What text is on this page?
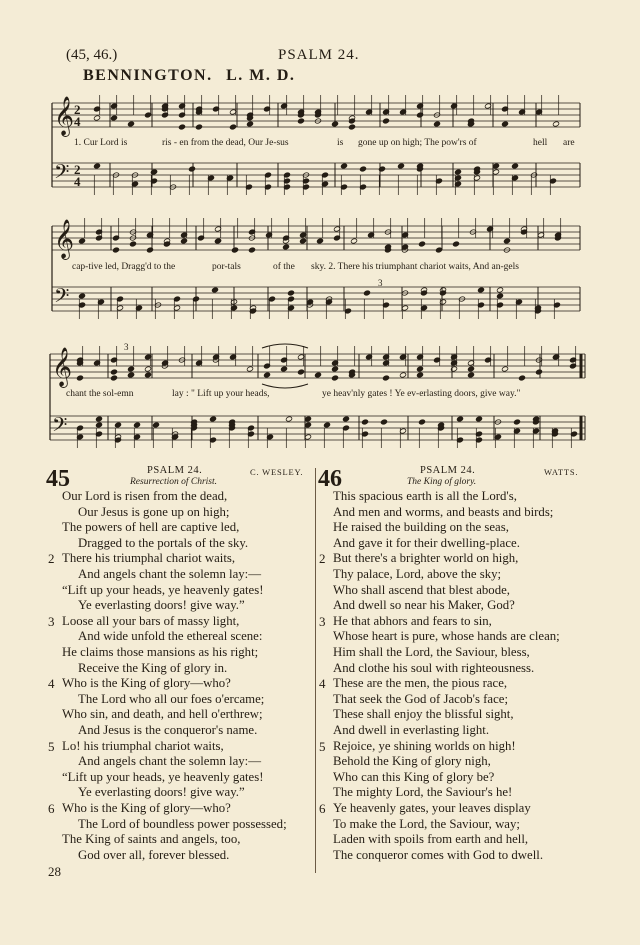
(45, 46.)	PSALM 24.
BENNINGTON. L. M. D.
𝄞
𝄢
2
4
2
4
𝄞
𝄢
3
𝄞
𝄢
3
1. Cur Lord is	ris - en from the dead, Our Je-sus	is gone up on high; The pow'rs of	hell are
cap-tive led, Dragg'd to the	por-tals	of the sky. 2. There his triumphant chariot waits, And an-gels
chant the sol-emn	lay : " Lift up your heads,	ye heav'nly gates ! Ye ev-erlasting doors, give way."
45	PSALM 24.	C. WESLEY.
Resurrection of Christ.
Our Lord is risen from the dead,
Our Jesus is gone up on high;
The powers of hell are captive led,
Dragged to the portals of the sky.
2 There his triumphal chariot waits,
And angels chant the solemn lay:—
“Lift up your heads, ye heavenly gates!
Ye everlasting doors! give way.”
3 Loose all your bars of massy light,
And wide unfold the ethereal scene:
He claims those mansions as his right;
Receive the King of glory in.
4 Who is the King of glory—who?
The Lord who all our foes o'ercame;
Who sin, and death, and hell o'erthrew;
And Jesus is the conqueror's name.
5 Lo! his triumphal chariot waits,
And angels chant the solemn lay:—
“Lift up your heads, ye heavenly gates!
Ye everlasting doors! give way.”
6 Who is the King of glory—who?
The Lord of boundless power possessed;
The King of saints and angels, too,
God over all, forever blessed.
46	PSALM 24.	WATTS.
The King of glory.
This spacious earth is all the Lord's,
And men and worms, and beasts and birds;
He raised the building on the seas,
And gave it for their dwelling-place.
2 But there's a brighter world on high,
Thy palace, Lord, above the sky;
Who shall ascend that blest abode,
And dwell so near his Maker, God?
3 He that abhors and fears to sin,
Whose heart is pure, whose hands are clean;
Him shall the Lord, the Saviour, bless,
And clothe his soul with righteousness.
4 These are the men, the pious race,
That seek the God of Jacob's face;
These shall enjoy the blissful sight,
And dwell in everlasting light.
5 Rejoice, ye shining worlds on high!
Behold the King of glory nigh,
Who can this King of glory be?
The mighty Lord, the Saviour's he!
6 Ye heavenly gates, your leaves display
To make the Lord, the Saviour, way;
Laden with spoils from earth and hell,
The conqueror comes with God to dwell.
28
